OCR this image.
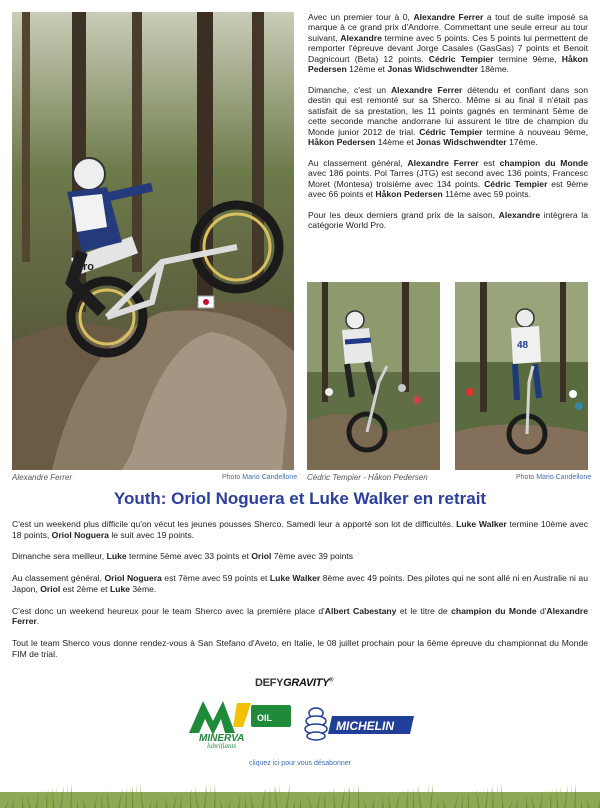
Ciro
Alexandre Ferrer	Photo Mario Candellone

Avec un premier tour à 0, Alexandre Ferrer a tout de suite imposé sa marque à ce grand prix d'Andorre. Commettant une seule erreur au tour suivant, Alexandre termine avec 5 points. Ces 5 points lui permettent de remporter l'épreuve devant Jorge Casales (GasGas) 7 points et Benoit Dagnicourt (Beta) 12 points. Cédric Tempier termine 9ème, Håkon Pedersen 12ème et Jonas Widschwendter 18ème.

Dimanche, c'est un Alexandre Ferrer détendu et confiant dans son destin qui est remonté sur sa Sherco. Même si au final il n'était pas satisfait de sa prestation, les 11 points gagnés en terminant 5ème de cette seconde manche andorrane lui assurent le titre de champion du Monde junior 2012 de trial. Cédric Tempier termine à nouveau 9ème, Håkon Pedersen 14ème et Jonas Widschwendter 17ème.

Au classement général, Alexandre Ferrer est champion du Monde avec 186 points. Pol Tarres (JTG) est second avec 136 points, Francesc Moret (Montesa) troisième avec 134 points. Cédric Tempier est 9ème avec 66 points et Håkon Pedersen 11ème avec 59 points.

Pour les deux derniers grand prix de la saison, Alexandre intègrera la catégorie World Pro.

48
Cédric Tempier - Håkon Pedersen	Photo Mario Candellone
Youth: Oriol Noguera et Luke Walker en retrait

C'est un weekend plus difficile qu'on vécut les jeunes pousses Sherco. Samedi leur a apporté son lot de difficultés. Luke Walker termine 10ème avec 18 points, Oriol Noguera le suit avec 19 points.

Dimanche sera meilleur, Luke termine 5ème avec 33 points et Oriol 7ème avec 39 points

Au classement général, Oriol Noguera est 7ème avec 59 points et Luke Walker 8ème avec 49 points. Des pilotes qui ne sont allé ni en Australie ni au Japon, Oriol est 2ème et Luke 3ème.

C'est donc un weekend heureux pour le team Sherco avec la première place d'Albert Cabestany et le titre de champion du Monde d'Alexandre Ferrer.

Tout le team Sherco vous donne rendez-vous à San Stefano d'Aveto, en Italie, le 08 juillet prochain pour la 6ème épreuve du championnat du Monde FIM de trial.

DEFYGRAVITY®
MINERVA
OIL
lubrifiants
MICHELIN
cliquez ici pour vous désabonner
